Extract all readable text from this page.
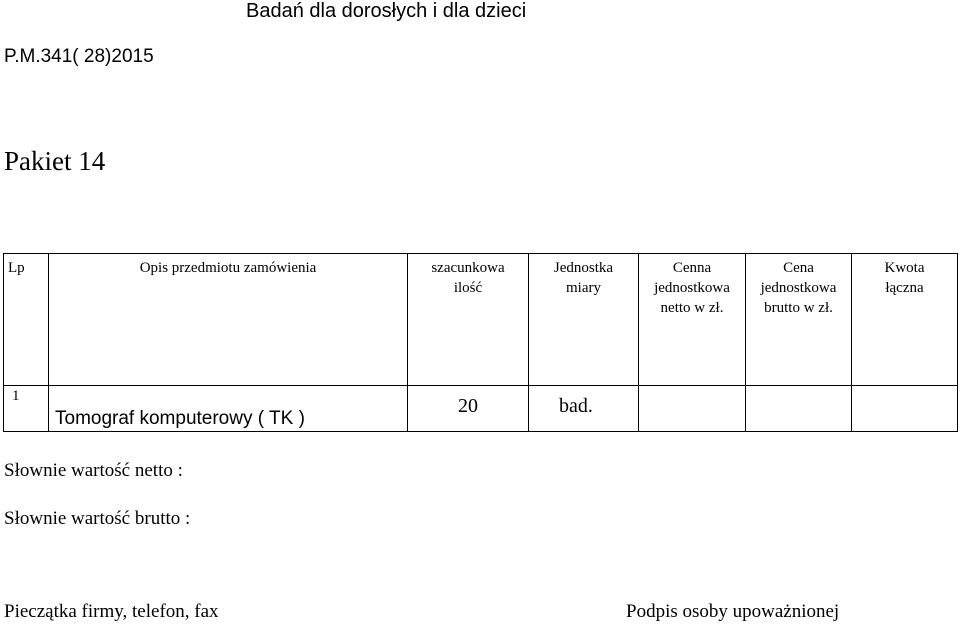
Badań dla dorosłych i dla dzieci
P.M.341( 28)2015
Pakiet 14
Lp	Opis przedmiotu zamówienia	szacunkowa ilość	Jednostka miary	Cenna jednostkowa netto w zł.	Cena jednostkowa brutto w zł.	Kwota łączna
1	Tomograf komputerowy ( TK )	20	bad.			
Słownie wartość netto :
Słownie wartość brutto :
Pieczątka firmy, telefon, fax	Podpis osoby upoważnionej
